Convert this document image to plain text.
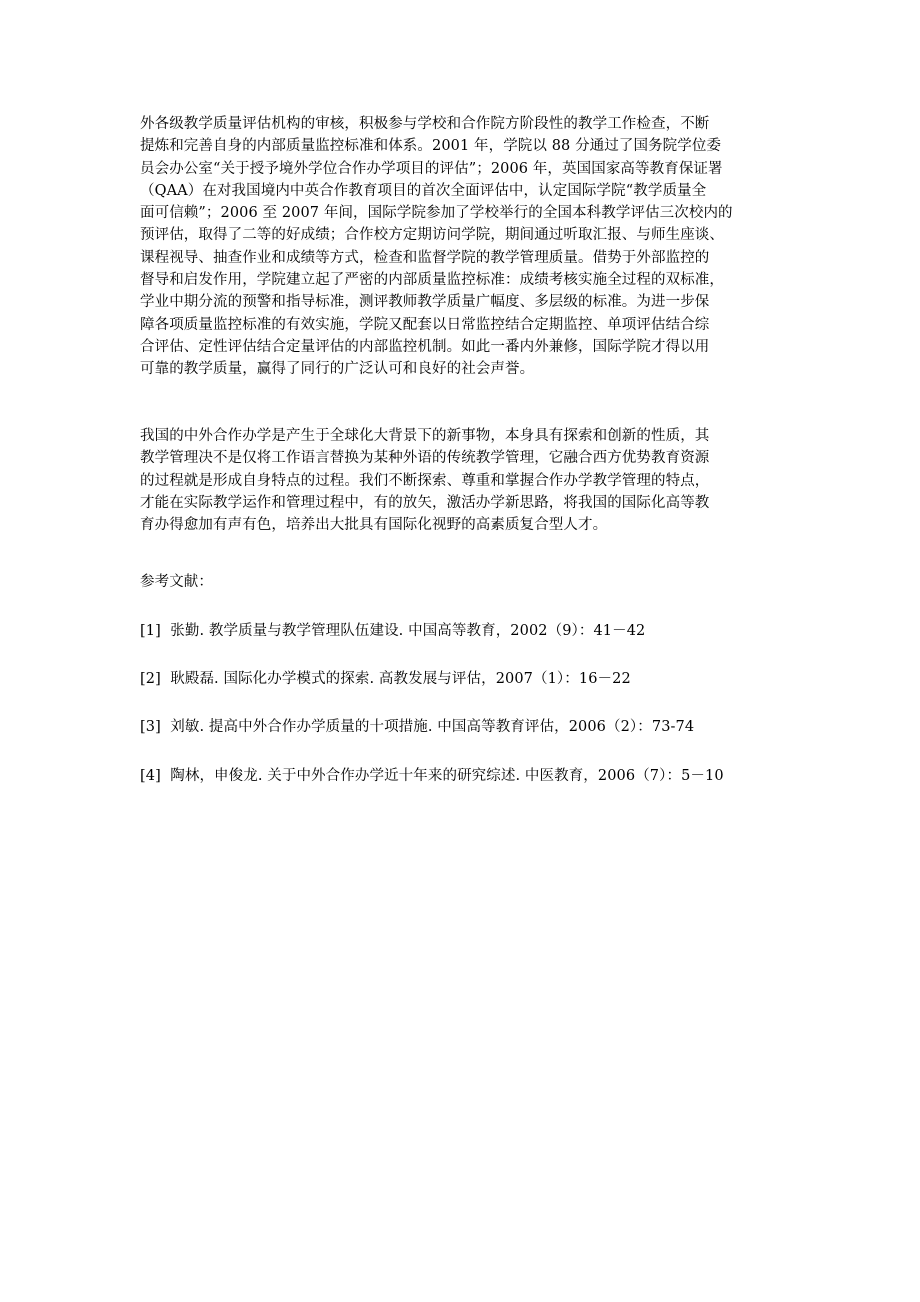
外各级教学质量评估机构的审核，积极参与学校和合作院方阶段性的教学工作检查，不断
提炼和完善自身的内部质量监控标准和体系。2001 年，学院以 88 分通过了国务院学位委
员会办公室“关于授予境外学位合作办学项目的评估”；2006 年，英国国家高等教育保证署
（QAA）在对我国境内中英合作教育项目的首次全面评估中，认定国际学院“教学质量全
面可信赖”；2006 至 2007 年间，国际学院参加了学校举行的全国本科教学评估三次校内的
预评估，取得了二等的好成绩；合作校方定期访问学院，期间通过听取汇报、与师生座谈、
课程视导、抽查作业和成绩等方式，检查和监督学院的教学管理质量。借势于外部监控的
督导和启发作用，学院建立起了严密的内部质量监控标准：成绩考核实施全过程的双标准，
学业中期分流的预警和指导标准，测评教师教学质量广幅度、多层级的标准。为进一步保
障各项质量监控标准的有效实施，学院又配套以日常监控结合定期监控、单项评估结合综
合评估、定性评估结合定量评估的内部监控机制。如此一番内外兼修，国际学院才得以用
可靠的教学质量，赢得了同行的广泛认可和良好的社会声誉。

我国的中外合作办学是产生于全球化大背景下的新事物，本身具有探索和创新的性质，其
教学管理决不是仅将工作语言替换为某种外语的传统教学管理，它融合西方优势教育资源
的过程就是形成自身特点的过程。我们不断探索、尊重和掌握合作办学教学管理的特点，
才能在实际教学运作和管理过程中，有的放矢，激活办学新思路，将我国的国际化高等教
育办得愈加有声有色，培养出大批具有国际化视野的高素质复合型人才。

参考文献：

[1]  张勤. 教学质量与教学管理队伍建设. 中国高等教育，2002（9）：41－42

[2]  耿殿磊. 国际化办学模式的探索. 高教发展与评估，2007（1）：16－22

[3]  刘敏. 提高中外合作办学质量的十项措施. 中国高等教育评估，2006（2）：73-74

[4]  陶林，申俊龙. 关于中外合作办学近十年来的研究综述. 中医教育，2006（7）：5－10
